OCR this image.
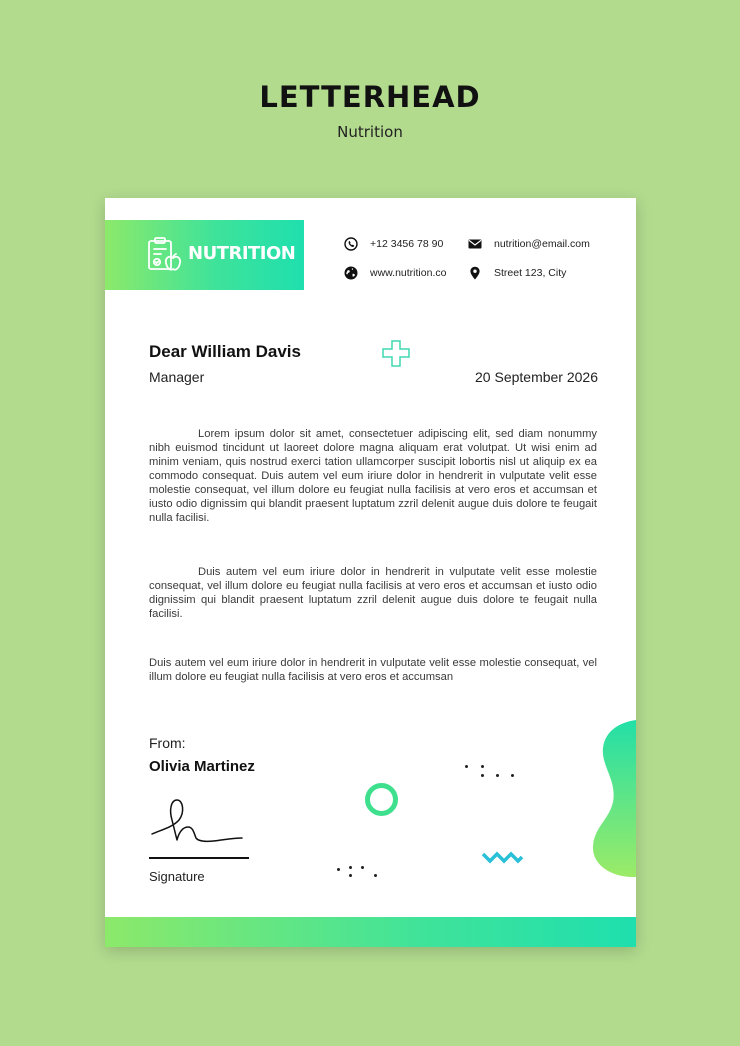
LETTERHEAD
Nutrition
NUTRITION	+12 3456 78 90	nutrition@email.com
www.nutrition.co	Street 123, City
Dear William Davis
Manager	20 September 2026

Lorem ipsum dolor sit amet, consectetuer adipiscing elit, sed diam nonummy nibh euismod tincidunt ut laoreet dolore magna aliquam erat volutpat. Ut wisi enim ad minim veniam, quis nostrud exerci tation ullamcorper suscipit lobortis nisl ut aliquip ex ea commodo consequat. Duis autem vel eum iriure dolor in hendrerit in vulputate velit esse molestie consequat, vel illum dolore eu feugiat nulla facilisis at vero eros et accumsan et iusto odio dignissim qui blandit praesent luptatum zzril delenit augue duis dolore te feugait nulla facilisi.

Duis autem vel eum iriure dolor in hendrerit in vulputate velit esse molestie consequat, vel illum dolore eu feugiat nulla facilisis at vero eros et accumsan et iusto odio dignissim qui blandit praesent luptatum zzril delenit augue duis dolore te feugait nulla facilisi.

Duis autem vel eum iriure dolor in hendrerit in vulputate velit esse molestie consequat, vel illum dolore eu feugiat nulla facilisis at vero eros et accumsan

From:
Olivia Martinez
Signature
